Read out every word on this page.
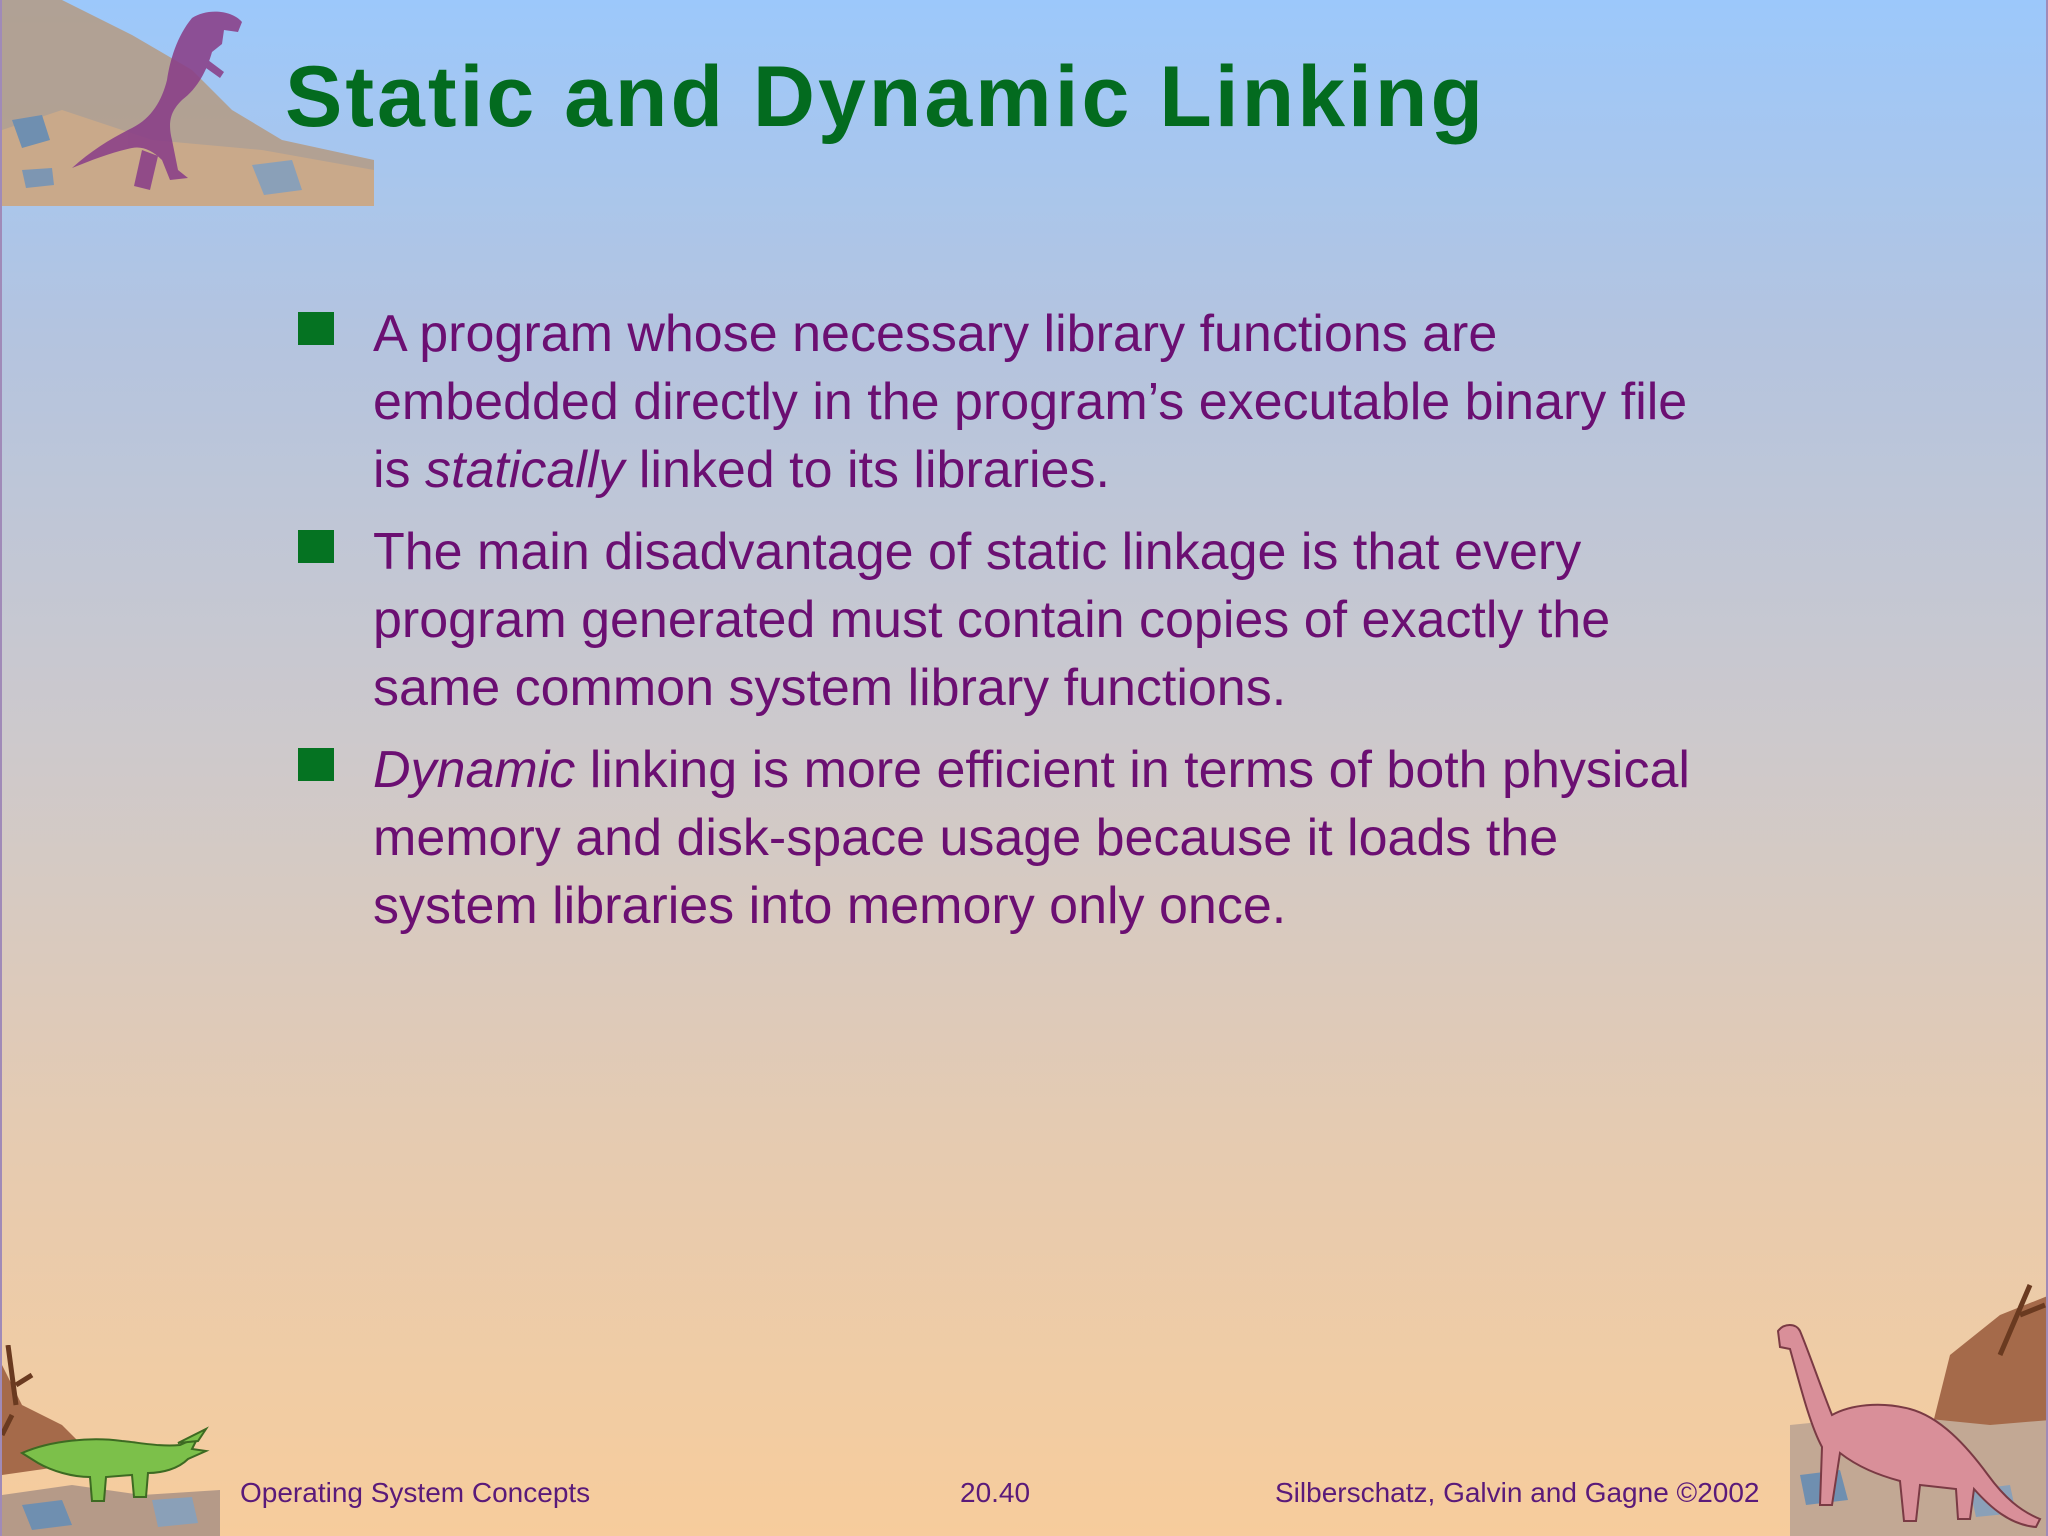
Static and Dynamic Linking
A program whose necessary library functions are
embedded directly in the program’s executable binary file
is statically linked to its libraries.
The main disadvantage of static linkage is that every
program generated must contain copies of exactly the
same common system library functions.
Dynamic linking is more efficient in terms of both physical
memory and disk-space usage because it loads the
system libraries into memory only once.
Operating System Concepts	20.40	Silberschatz, Galvin and Gagne ©2002
